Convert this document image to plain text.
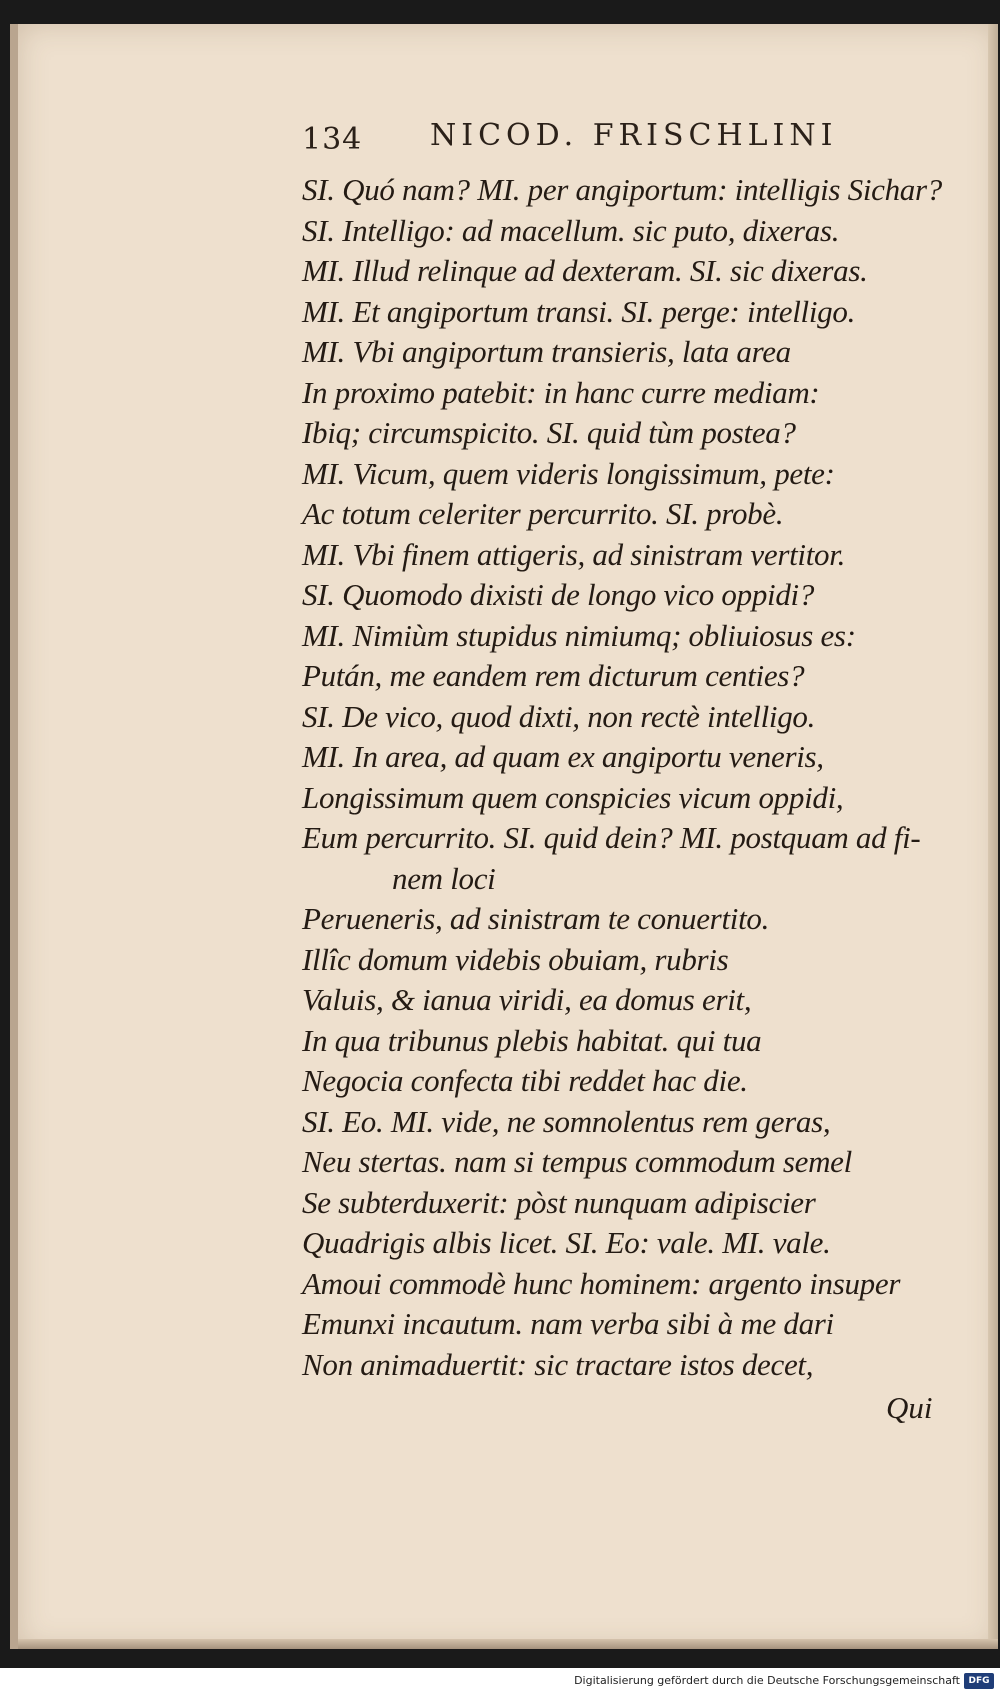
134 NICOD. FRISCHLINI
SI. Quó nam? MI. per angiportum: intelligis Sichar?
SI. Intelligo: ad macellum. sic puto, dixeras.
MI. Illud relinque ad dexteram. SI. sic dixeras.
MI. Et angiportum transi. SI. perge: intelligo.
MI. Vbi angiportum transieris, lata area
In proximo patebit: in hanc curre mediam:
Ibiq; circumspicito. SI. quid tùm postea?
MI. Vicum, quem videris longissimum, pete:
Ac totum celeriter percurrito. SI. probè.
MI. Vbi finem attigeris, ad sinistram vertitor.
SI. Quomodo dixisti de longo vico oppidi?
MI. Nimiùm stupidus nimiumq; obliuiosus es:
Pután, me eandem rem dicturum centies?
SI. De vico, quod dixti, non rectè intelligo.
MI. In area, ad quam ex angiportu veneris,
Longissimum quem conspicies vicum oppidi,
Eum percurrito. SI. quid dein? MI. postquam ad fi-
nem loci
Perueneris, ad sinistram te conuertito.
Illîc domum videbis obuiam, rubris
Valuis, & ianua viridi, ea domus erit,
In qua tribunus plebis habitat. qui tua
Negocia confecta tibi reddet hac die.
SI. Eo. MI. vide, ne somnolentus rem geras,
Neu stertas. nam si tempus commodum semel
Se subterduxerit: pòst nunquam adipiscier
Quadrigis albis licet. SI. Eo: vale. MI. vale.
Amoui commodè hunc hominem: argento insuper
Emunxi incautum. nam verba sibi à me dari
Non animaduertit: sic tractare istos decet,
Qui
Digitalisierung gefördert durch die Deutsche Forschungsgemeinschaft DFG
